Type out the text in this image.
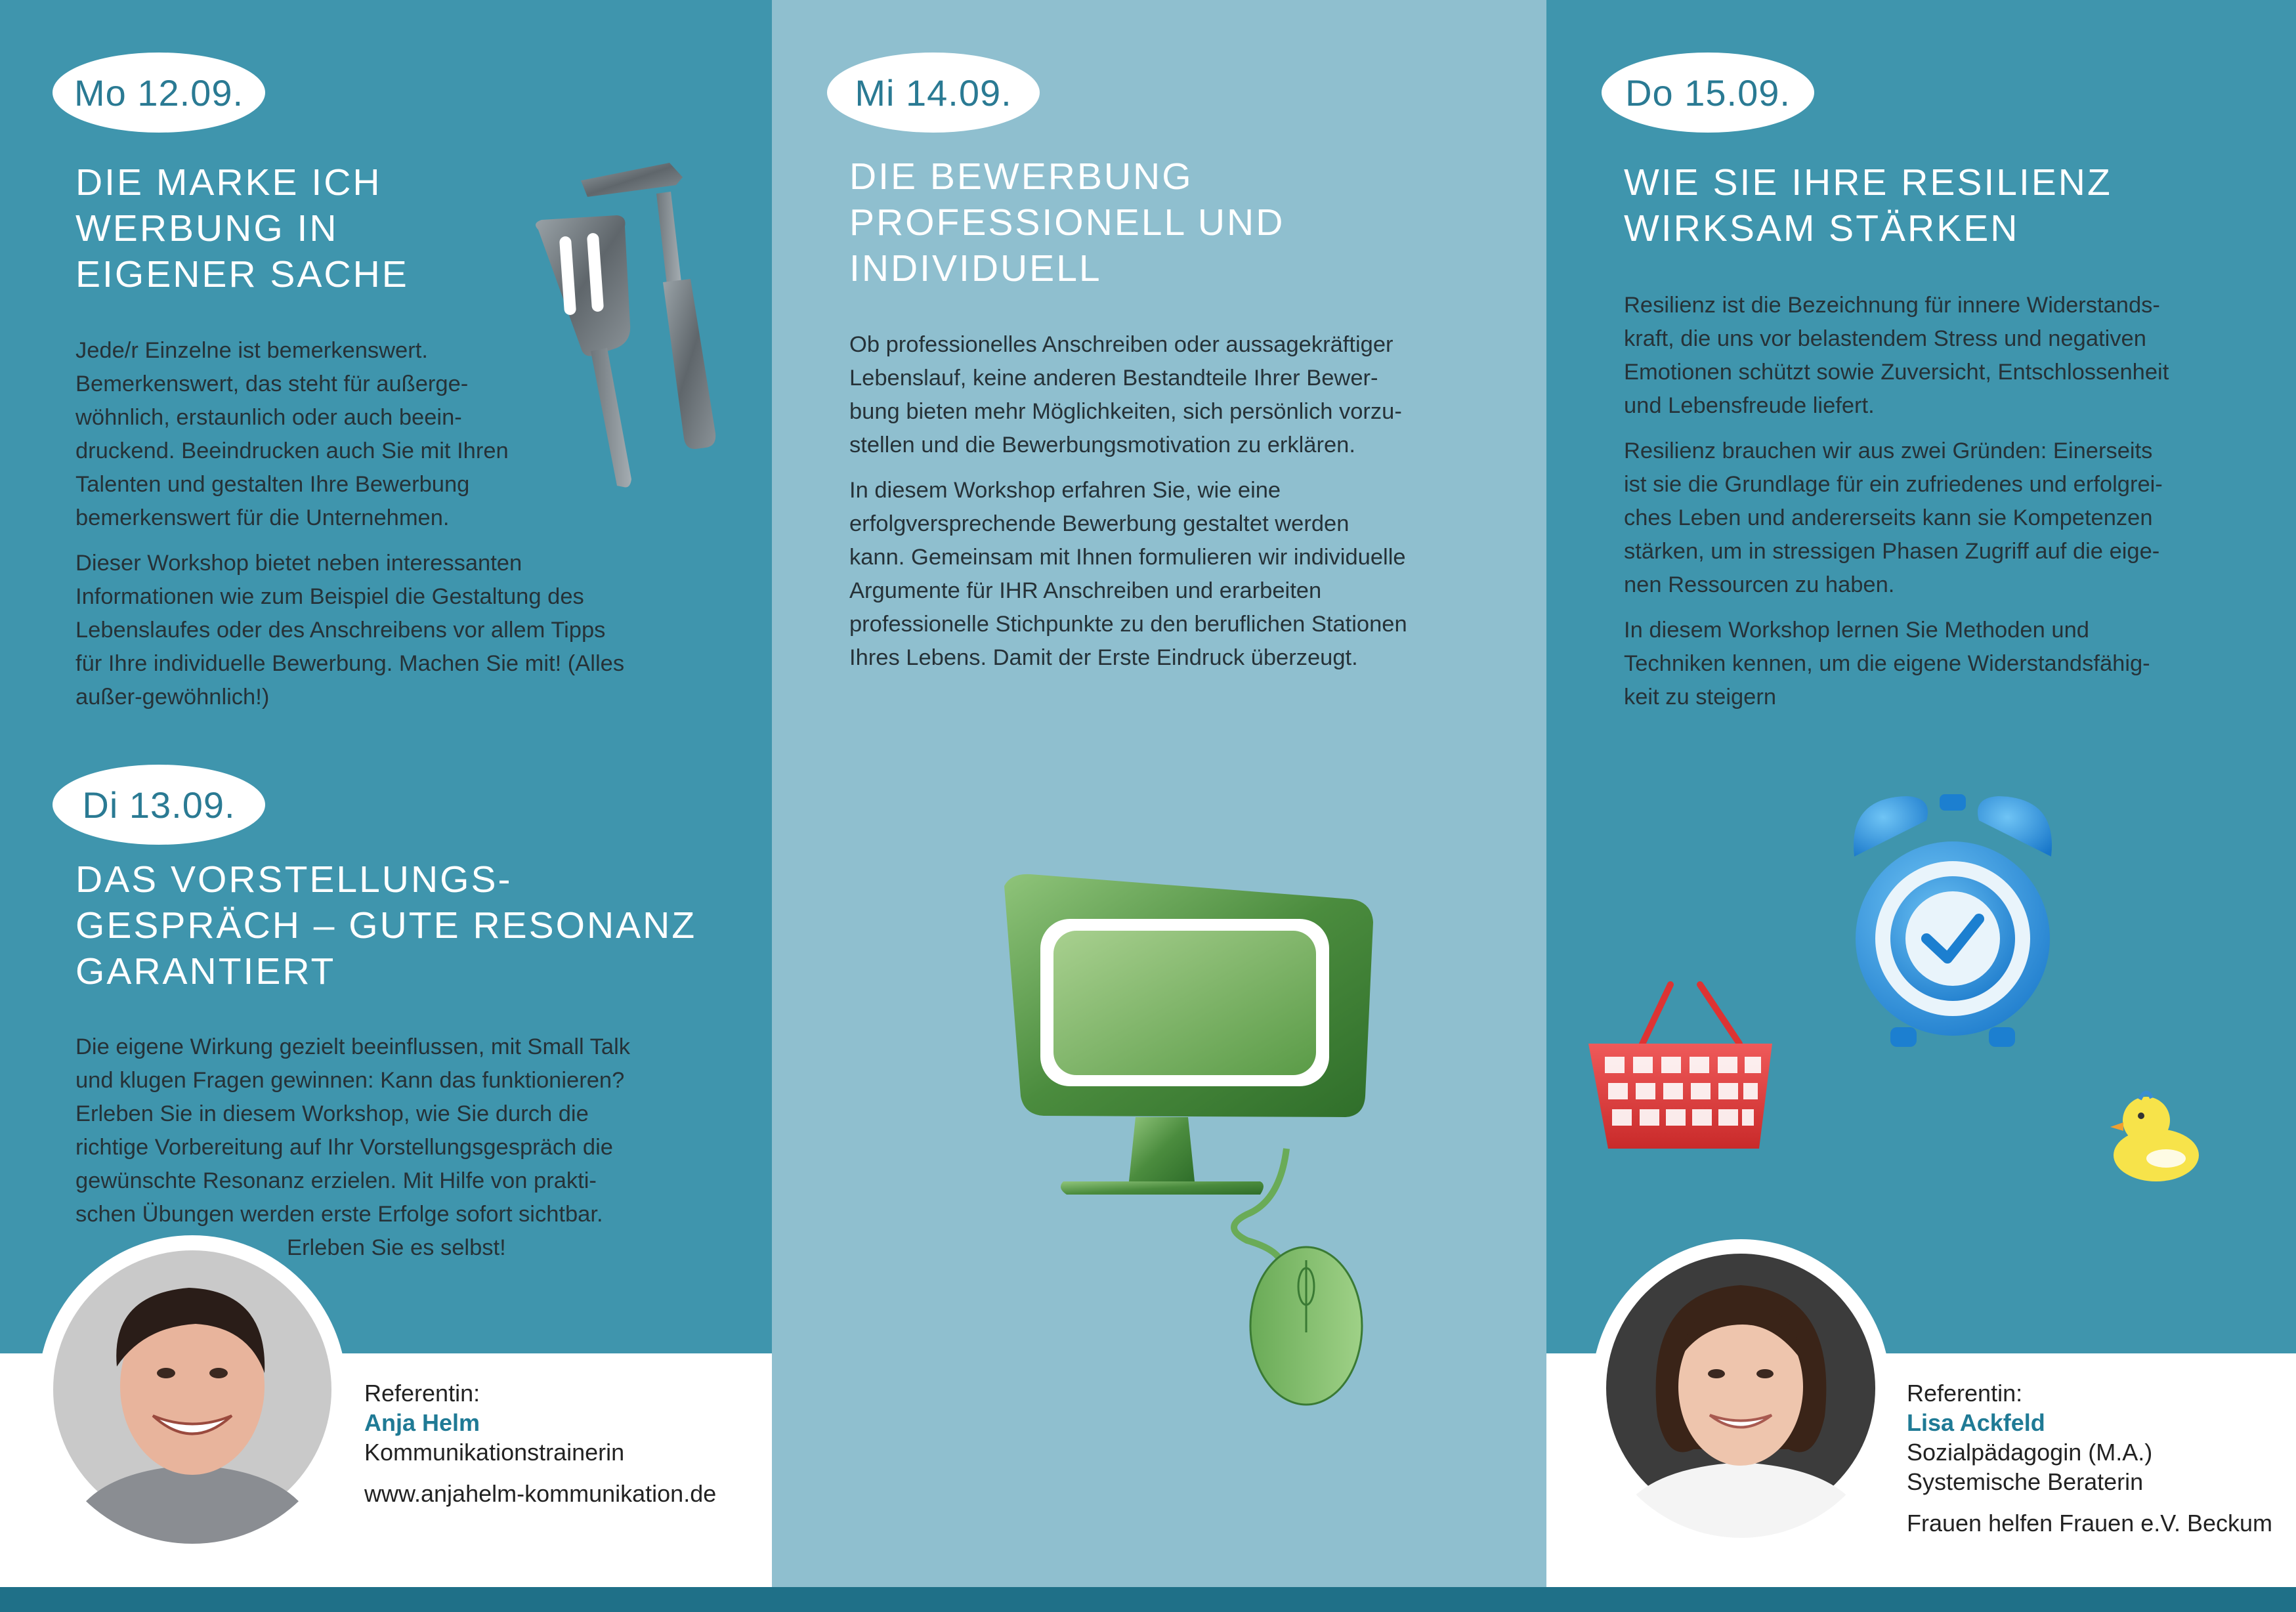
Mo 12.09.
DIE MARKE ICH
WERBUNG IN
EIGENER SACHE

Jede/r Einzelne ist bemerkenswert.
Bemerkenswert, das steht für außerge-
wöhnlich, erstaunlich oder auch beein-
druckend. Beeindrucken auch Sie mit Ihren
Talenten und gestalten Ihre Bewerbung
bemerkenswert für die Unternehmen.

Dieser Workshop bietet neben interessanten
Informationen wie zum Beispiel die Gestaltung des
Lebenslaufes oder des Anschreibens vor allem Tipps
für Ihre individuelle Bewerbung. Machen Sie mit! (Alles
außer-gewöhnlich!)

Di 13.09.
DAS VORSTELLUNGS-
GESPRÄCH – GUTE RESONANZ
GARANTIERT

Die eigene Wirkung gezielt beeinflussen, mit Small Talk
und klugen Fragen gewinnen: Kann das funktionieren?
Erleben Sie in diesem Workshop, wie Sie durch die
richtige Vorbereitung auf Ihr Vorstellungsgespräch die
gewünschte Resonanz erzielen. Mit Hilfe von prakti-
schen Übungen werden erste Erfolge sofort sichtbar.

Erleben Sie es selbst!

Referentin:
Anja Helm
Kommunikationstrainerin
www.anjahelm-kommunikation.de
Mi 14.09.
DIE BEWERBUNG
PROFESSIONELL UND
INDIVIDUELL

Ob professionelles Anschreiben oder aussagekräftiger
Lebenslauf, keine anderen Bestandteile Ihrer Bewer-
bung bieten mehr Möglichkeiten, sich persönlich vorzu-
stellen und die Bewerbungsmotivation zu erklären.

In diesem Workshop erfahren Sie, wie eine
erfolgversprechende Bewerbung gestaltet werden
kann. Gemeinsam mit Ihnen formulieren wir individuelle
Argumente für IHR Anschreiben und erarbeiten
professionelle Stichpunkte zu den beruflichen Stationen
Ihres Lebens. Damit der Erste Eindruck überzeugt.

Do 15.09.
WIE SIE IHRE RESILIENZ
WIRKSAM STÄRKEN

Resilienz ist die Bezeichnung für innere Widerstands-
kraft, die uns vor belastendem Stress und negativen
Emotionen schützt sowie Zuversicht, Entschlossenheit
und Lebensfreude liefert.

Resilienz brauchen wir aus zwei Gründen: Einerseits
ist sie die Grundlage für ein zufriedenes und erfolgrei-
ches Leben und andererseits kann sie Kompetenzen
stärken, um in stressigen Phasen Zugriff auf die eige-
nen Ressourcen zu haben.

In diesem Workshop lernen Sie Methoden und
Techniken kennen, um die eigene Widerstandsfähig-
keit zu steigern

Referentin:
Lisa Ackfeld
Sozialpädagogin (M.A.)
Systemische Beraterin
Frauen helfen Frauen e.V. Beckum
